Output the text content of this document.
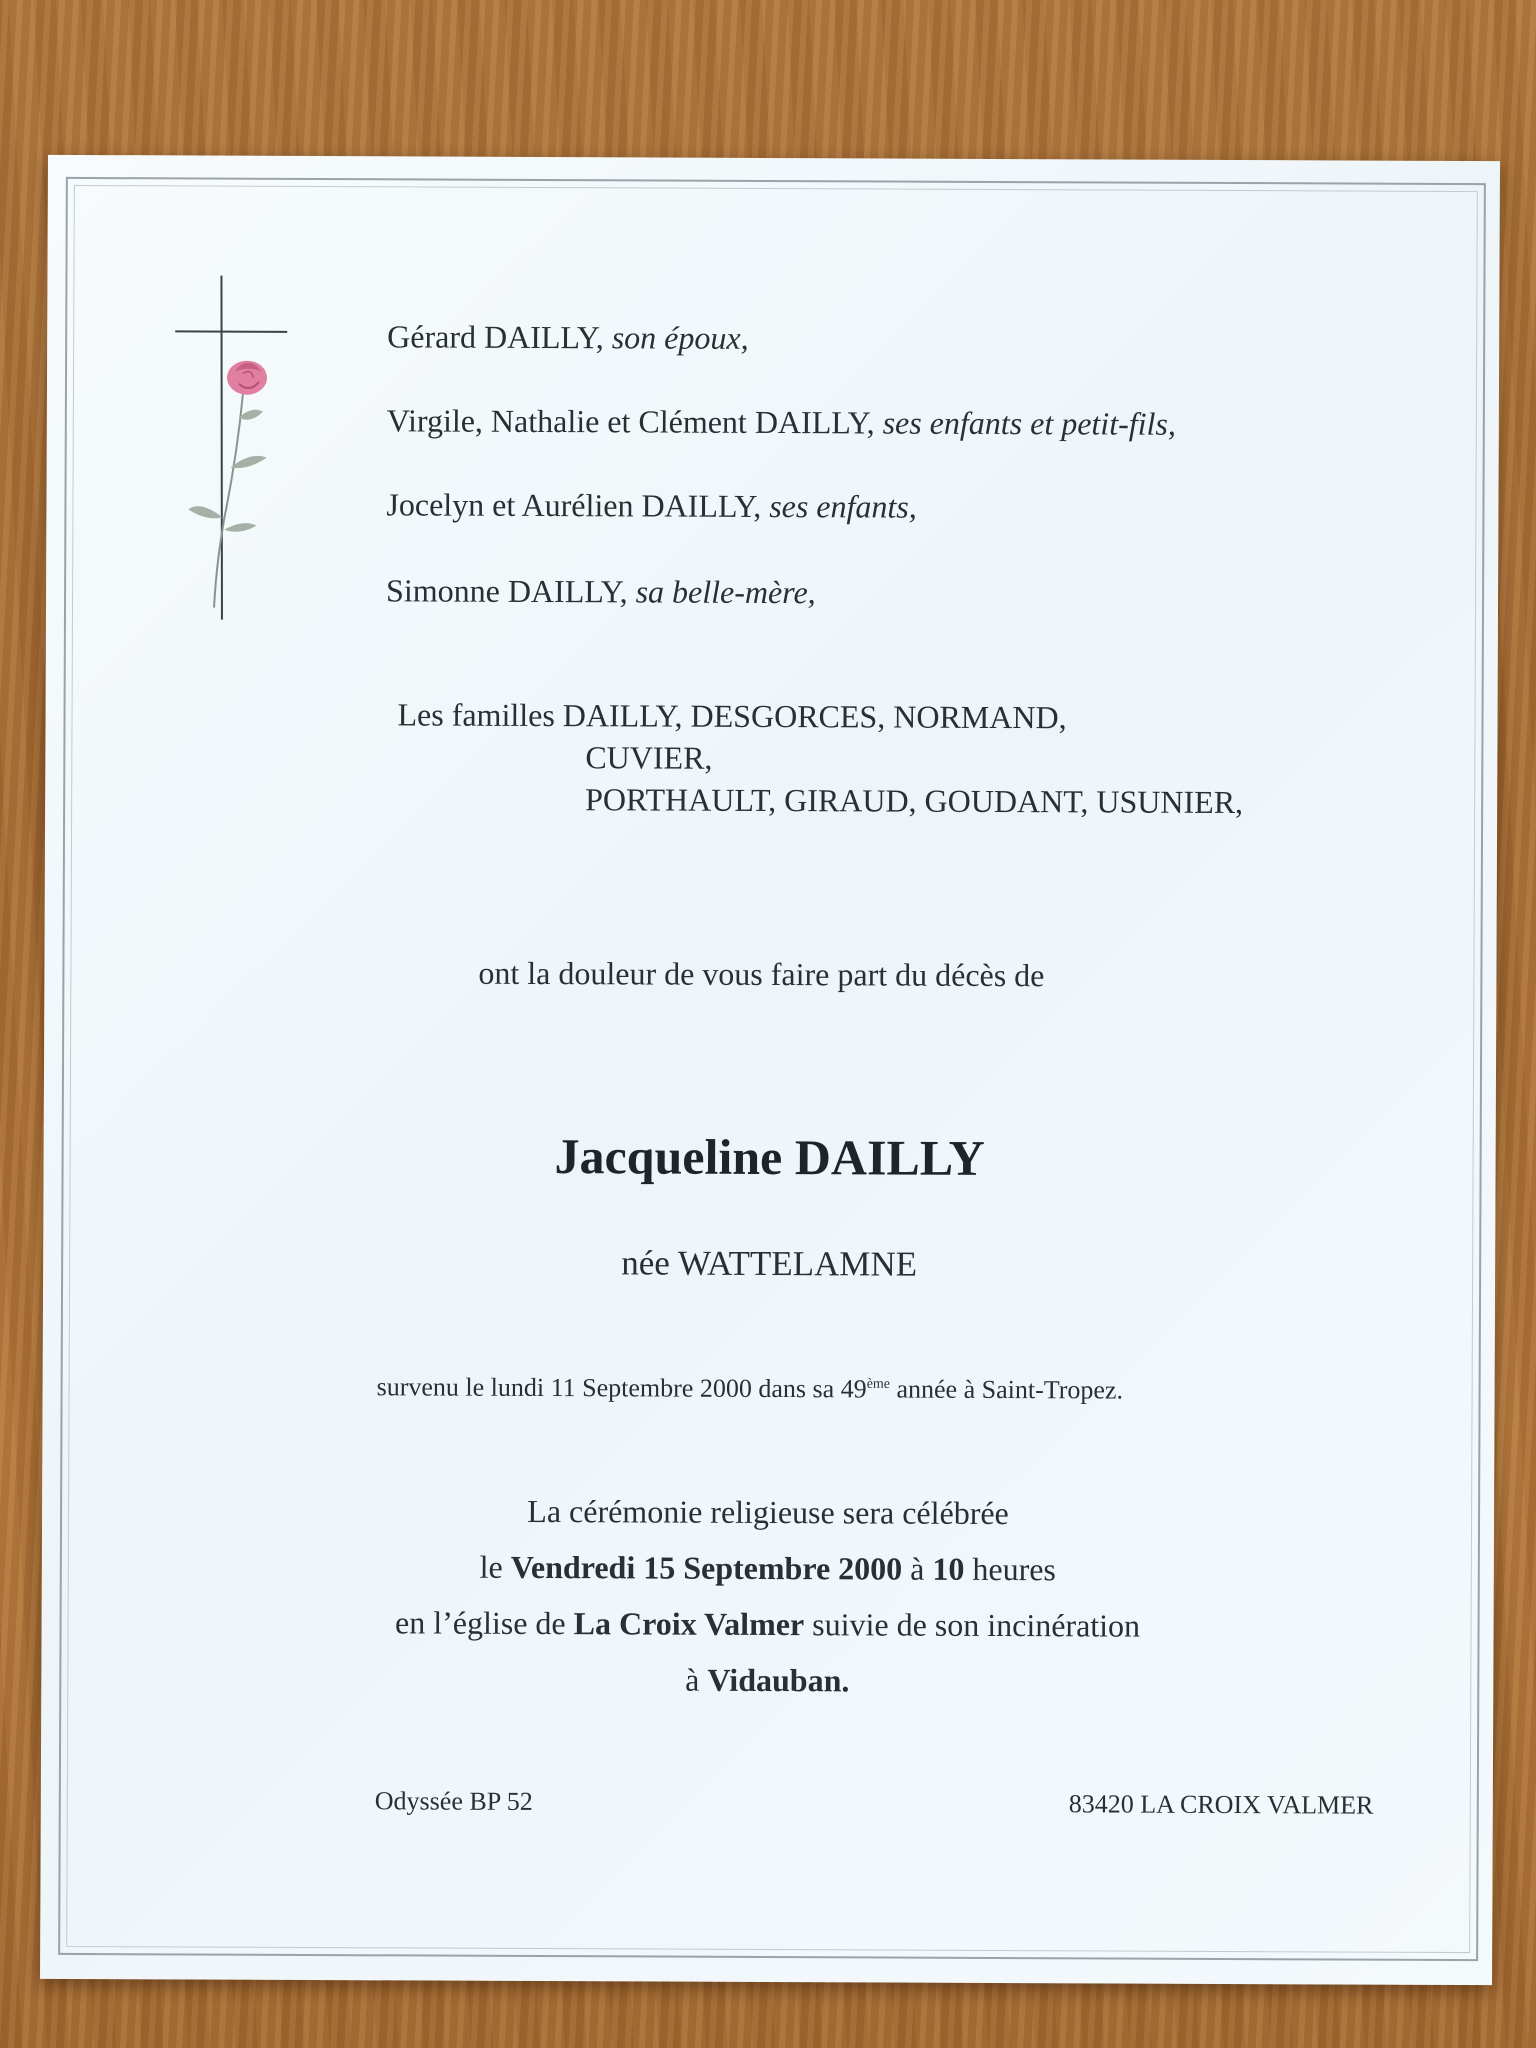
Gérard DAILLY, son époux,
Virgile, Nathalie et Clément DAILLY, ses enfants et petit-fils,
Jocelyn et Aurélien DAILLY, ses enfants,
Simonne DAILLY, sa belle-mère,
Les familles DAILLY, DESGORCES, NORMAND,
CUVIER,
PORTHAULT, GIRAUD, GOUDANT, USUNIER,
ont la douleur de vous faire part du décès de
Jacqueline DAILLY
née WATTELAMNE
survenu le lundi 11 Septembre 2000 dans sa 49ème année à Saint-Tropez.
La cérémonie religieuse sera célébrée
le Vendredi 15 Septembre 2000 à 10 heures
en l’église de La Croix Valmer suivie de son incinération
à Vidauban.
Odyssée BP 52	83420 LA CROIX VALMER
